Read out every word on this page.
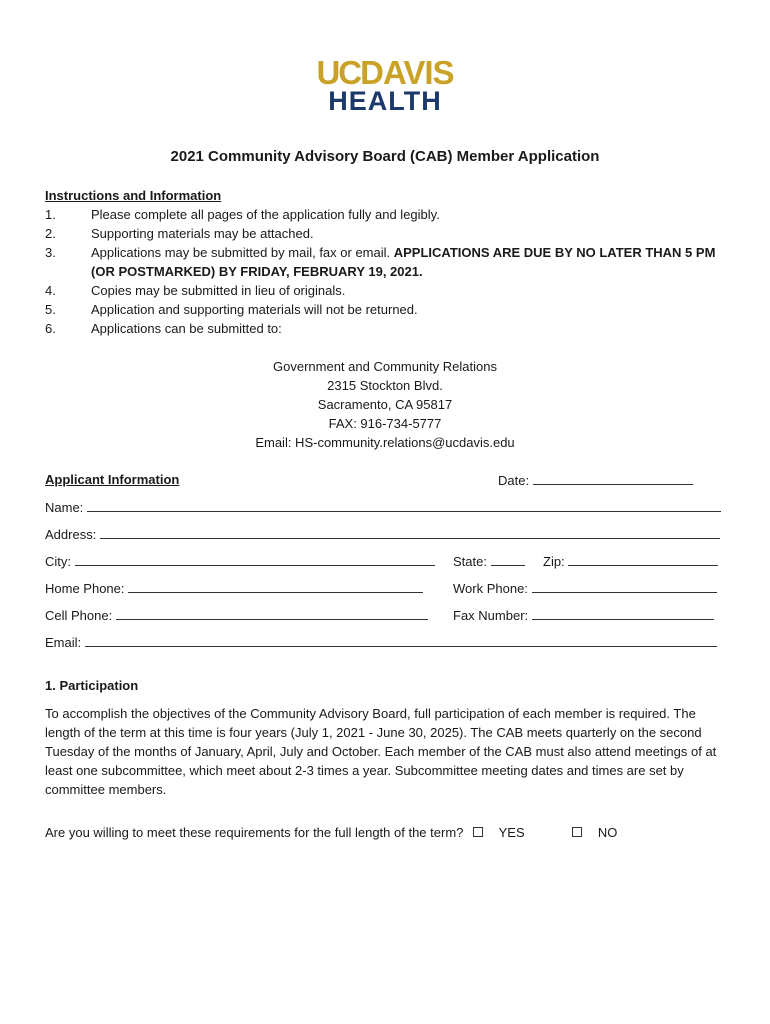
UCDAVIS
HEALTH
2021 Community Advisory Board (CAB) Member Application
Instructions and Information
1.	Please complete all pages of the application fully and legibly.
2.	Supporting materials may be attached.
3.	Applications may be submitted by mail, fax or email. APPLICATIONS ARE DUE BY NO LATER THAN 5 PM (OR POSTMARKED) BY FRIDAY, FEBRUARY 19, 2021.
4.	Copies may be submitted in lieu of originals.
5.	Application and supporting materials will not be returned.
6.	Applications can be submitted to:
Government and Community Relations
2315 Stockton Blvd.
Sacramento, CA 95817
FAX: 916-734-5777
Email: HS-community.relations@ucdavis.edu
Applicant Information	Date:
Name:
Address:
City:	State:	Zip:
Home Phone:	Work Phone:
Cell Phone:	Fax Number:
Email:
1. Participation
To accomplish the objectives of the Community Advisory Board, full participation of each member is required. The length of the term at this time is four years (July 1, 2021 - June 30, 2025). The CAB meets quarterly on the second Tuesday of the months of January, April, July and October. Each member of the CAB must also attend meetings of at least one subcommittee, which meet about 2-3 times a year. Subcommittee meeting dates and times are set by committee members.
Are you willing to meet these requirements for the full length of the term?	YES	NO
